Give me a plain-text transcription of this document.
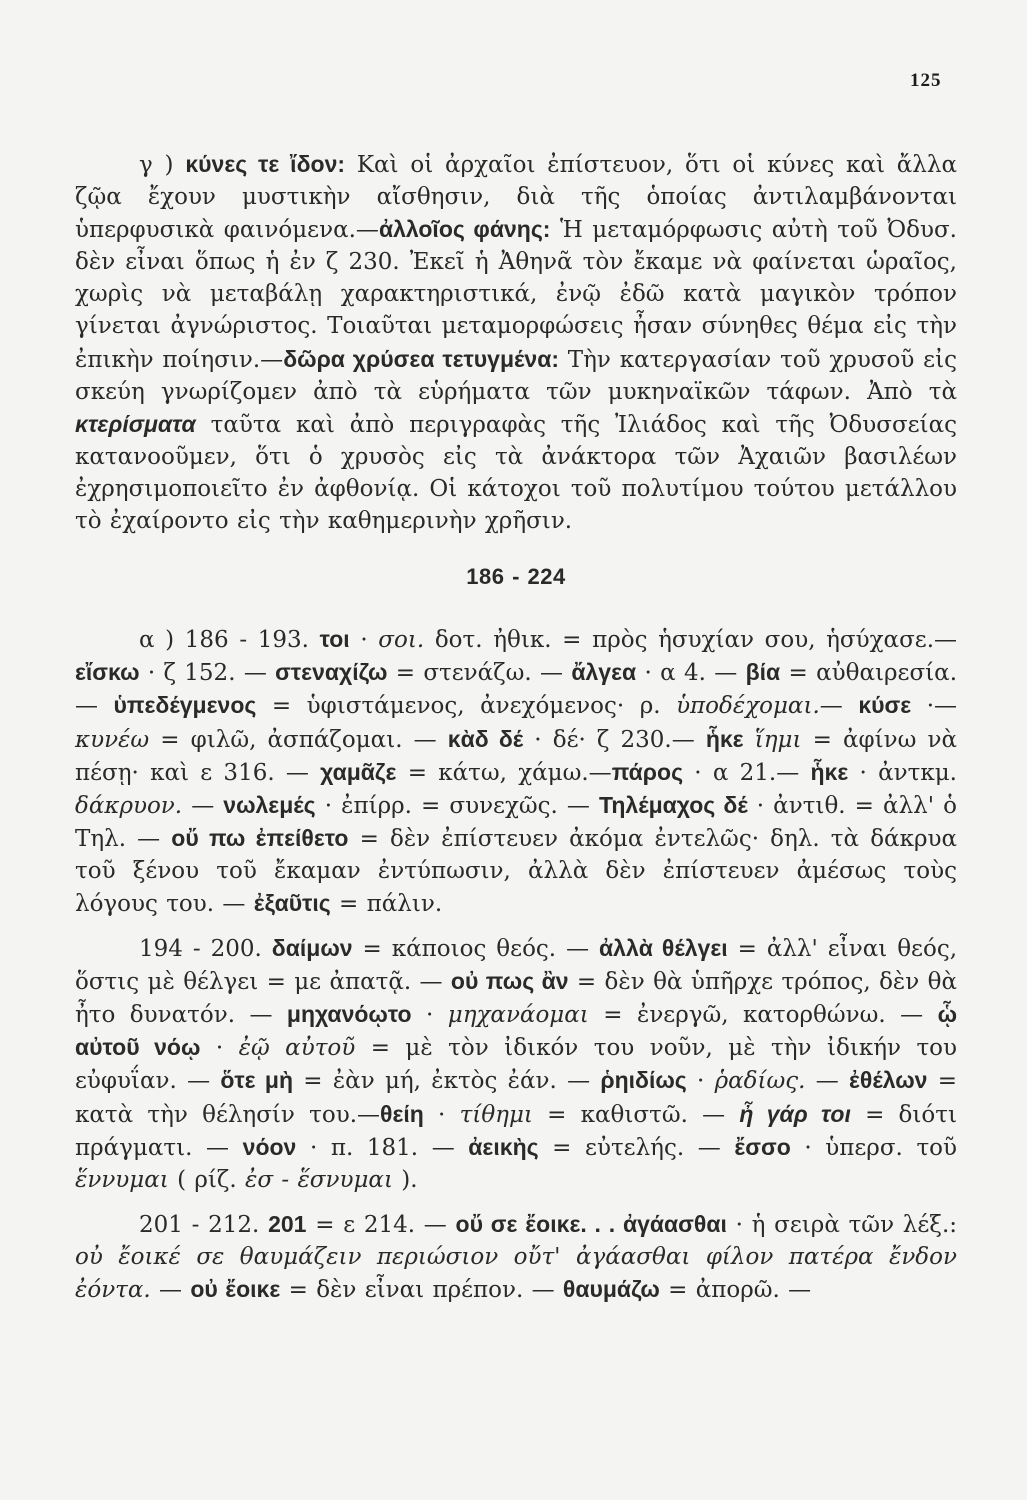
125

γ ) κύνες τε ἴδον: Καὶ οἱ ἀρχαῖοι ἐπίστευον, ὅτι οἱ κύνες καὶ ἄλλα ζῷα ἔχουν μυστικὴν αἴσθησιν, διὰ τῆς ὁποίας ἀντιλαμβάνονται ὑπερφυσικὰ φαινόμενα.—ἀλλοῖος φάνης: Ἡ μεταμόρφωσις αὐτὴ τοῦ Ὀδυσ. δὲν εἶναι ὅπως ἡ ἐν ζ 230. Ἐκεῖ ἡ Ἀθηνᾶ τὸν ἔκαμε νὰ φαίνεται ὡραῖος, χωρὶς νὰ μεταβάλῃ χαρακτηριστικά, ἐνῷ ἐδῶ κατὰ μαγικὸν τρόπον γίνεται ἀγνώριστος. Τοιαῦται μεταμορφώσεις ἦσαν σύνηθες θέμα εἰς τὴν ἐπικὴν ποίησιν.—δῶρα χρύσεα τετυγμένα: Τὴν κατεργασίαν τοῦ χρυσοῦ εἰς σκεύη γνωρίζομεν ἀπὸ τὰ εὑρήματα τῶν μυκηναϊκῶν τάφων. Ἀπὸ τὰ κτερίσματα ταῦτα καὶ ἀπὸ περιγραφὰς τῆς Ἰλιάδος καὶ τῆς Ὀδυσσείας κατανοοῦμεν, ὅτι ὁ χρυσὸς εἰς τὰ ἀνάκτορα τῶν Ἀχαιῶν βασιλέων ἐχρησιμοποιεῖτο ἐν ἀφθονίᾳ. Οἱ κάτοχοι τοῦ πολυτίμου τούτου μετάλλου τὸ ἐχαίροντο εἰς τὴν καθημερινὴν χρῆσιν.

186 - 224

α ) 186 - 193. τοι · σοι. δοτ. ἠθικ. = πρὸς ἡσυχίαν σου, ἡσύχασε.— εἴσκω · ζ 152. — στεναχίζω = στενάζω. — ἄλγεα · α 4. — βία = αὐθαιρεσία. — ὑπεδέγμενος = ὑφιστάμενος, ἀνεχόμενος· ρ. ὑποδέχομαι.— κύσε ·—κυνέω = φιλῶ, ἀσπάζομαι. — κὰδ δέ · δέ· ζ 230.— ἧκε ἵημι = ἀφίνω νὰ πέσῃ· καὶ ε 316. — χαμᾶζε = κάτω, χάμω.—πάρος · α 21.— ἧκε · ἀντκμ. δάκρυον. — νωλεμές · ἐπίρρ. = συνεχῶς. — Τηλέμαχος δέ · ἀντιθ. = ἀλλ' ὁ Τηλ. — οὔ πω ἐπείθετο = δὲν ἐπίστευεν ἀκόμα ἐντελῶς· δηλ. τὰ δάκρυα τοῦ ξένου τοῦ ἔκαμαν ἐντύπωσιν, ἀλλὰ δὲν ἐπίστευεν ἀμέσως τοὺς λόγους του. — ἐξαῦτις = πάλιν.

194 - 200. δαίμων = κάποιος θεός. — ἀλλὰ θέλγει = ἀλλ' εἶναι θεός, ὅστις μὲ θέλγει = με ἀπατᾷ. — οὐ πως ἂν = δὲν θὰ ὑπῆρχε τρόπος, δὲν θὰ ἦτο δυνατόν. — μηχανόῳτο · μηχανάομαι = ἐνεργῶ, κατορθώνω. — ᾧ αὐτοῦ νόῳ · ἐῷ αὐτοῦ = μὲ τὸν ἰδικόν του νοῦν, μὲ τὴν ἰδικήν του εὐφυΐαν. — ὅτε μὴ = ἐὰν μή, ἐκτὸς ἐάν. — ῥηιδίως · ῥαδίως. — ἐθέλων = κατὰ τὴν θέλησίν του.—θείη · τίθημι = καθιστῶ. — ἦ γάρ τοι = διότι πράγματι. — νόον · π. 181. — ἀεικὴς = εὐτελής. — ἔσσο · ὑπερσ. τοῦ ἕννυμαι ( ρίζ. ἐσ - ἕσνυμαι ).

201 - 212. 201 = ε 214. — οὔ σε ἔοικε. . . ἀγάασθαι · ἡ σειρὰ τῶν λέξ.: οὐ ἔοικέ σε θαυμάζειν περιώσιον οὔτ' ἀγάασθαι φίλον πατέρα ἔνδον ἐόντα. — οὐ ἔοικε = δὲν εἶναι πρέπον. — θαυμάζω = ἀπορῶ. —
